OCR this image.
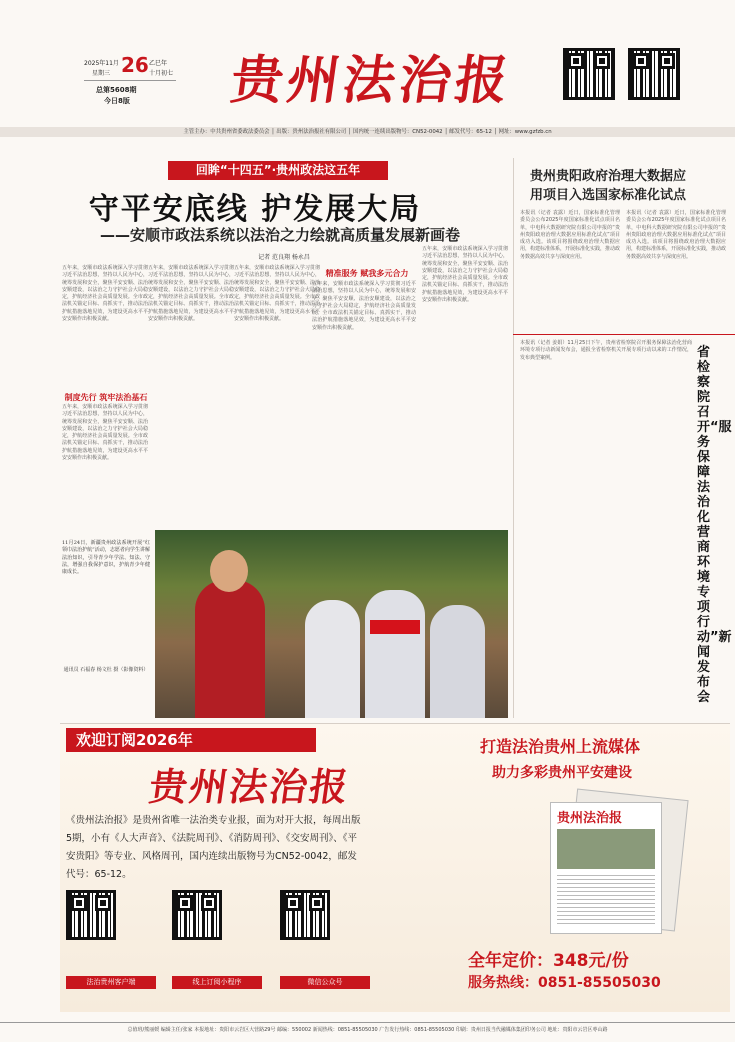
2025年11月
星期三 26 乙巳年
十月初七
总第5608期
今日8版 贵州法治报
主管主办：中共贵州省委政法委员会 │ 出版：贵州法治报社有限公司 │ 国内统一连续出版物号：CN52-0042 │ 邮发代号：65-12 │ 网址：www.gzfzb.cn
回眸“十四五”·贵州政法这五年
守平安底线 护发展大局
——安顺市政法系统以法治之力绘就高质量发展新画卷
记者 范良翔 杨永昌
五年来，安顺市政法系统深入学习贯彻习近平法治思想，坚持以人民为中心，统筹发展和安全，聚焦平安安顺、法治安顺建设，以法治之力守护社会大局稳定，护航经济社会高质量发展。全市政法机关锚定目标、真抓实干，推动法治护航措施落地见效，为建设更高水平平安安顺作出积极贡献。
制度先行 筑牢法治基石
五年来，安顺市政法系统深入学习贯彻习近平法治思想，坚持以人民为中心，统筹发展和安全，聚焦平安安顺、法治安顺建设，以法治之力守护社会大局稳定，护航经济社会高质量发展。全市政法机关锚定目标、真抓实干，推动法治护航措施落地见效，为建设更高水平平安安顺作出积极贡献。
五年来，安顺市政法系统深入学习贯彻习近平法治思想，坚持以人民为中心，统筹发展和安全，聚焦平安安顺、法治安顺建设，以法治之力守护社会大局稳定，护航经济社会高质量发展。全市政法机关锚定目标、真抓实干，推动法治护航措施落地见效，为建设更高水平平安安顺作出积极贡献。
五年来，安顺市政法系统深入学习贯彻习近平法治思想，坚持以人民为中心，统筹发展和安全，聚焦平安安顺、法治安顺建设，以法治之力守护社会大局稳定，护航经济社会高质量发展。全市政法机关锚定目标、真抓实干，推动法治护航措施落地见效，为建设更高水平平安安顺作出积极贡献。
精准服务 赋我多元合力
五年来，安顺市政法系统深入学习贯彻习近平法治思想，坚持以人民为中心，统筹发展和安全，聚焦平安安顺、法治安顺建设，以法治之力守护社会大局稳定，护航经济社会高质量发展。全市政法机关锚定目标、真抓实干，推动法治护航措施落地见效，为建设更高水平平安安顺作出积极贡献。
五年来，安顺市政法系统深入学习贯彻习近平法治思想，坚持以人民为中心，统筹发展和安全，聚焦平安安顺、法治安顺建设，以法治之力守护社会大局稳定，护航经济社会高质量发展。全市政法机关锚定目标、真抓实干，推动法治护航措施落地见效，为建设更高水平平安安顺作出积极贡献。
11月24日，新疆贵州政法系统开展“红领巾法治护航”活动，志愿者向学生讲解法治知识，引导青少年学法、知法、守法，增强自我保护意识，护航青少年健康成长。
通讯员 石福春 杨文杜 摄（影像资料）
贵州贵阳政府治理大数据应
用项目入选国家标准化试点
本报讯（记者 袁露）近日，国家标准化管理委员会公布2025年度国家标准化试点项目名单，中电科大数据研究院有限公司申报的“贵州贵阳政府治理大数据应用标准化试点”项目成功入选。该项目将围绕政府治理大数据应用，构建标准体系，开展标准化实践，推动政务数据高效共享与深度应用。
本报讯（记者 袁露）近日，国家标准化管理委员会公布2025年度国家标准化试点项目名单，中电科大数据研究院有限公司申报的“贵州贵阳政府治理大数据应用标准化试点”项目成功入选。该项目将围绕政府治理大数据应用，构建标准体系，开展标准化实践，推动政务数据高效共享与深度应用。
本报讯（记者 姜娟）11月25日下午，贵州省检察院召开服务保障法治化营商环境专项行动新闻发布会，通报全省检察机关开展专项行动以来的工作情况，发布典型案例。	省检察院召开“服务保障法治化营商环境专项行动”新闻发布会
欢迎订阅2026年
贵州法治报
《贵州法治报》是贵州省唯一法治类专业报，面为对开大报，每周出版5期，小有《人大声音》、《法院周刊》、《消防周刊》、《交安周刊》、《平安贵阳》等专业、风格周刊，国内连续出版物号为CN52-0042，邮发代号：65-12。
法治贵州客户端	线上订阅小程序	微信公众号
打造法治贵州上流媒体
助力多彩贵州平安建设
贵州法治报
全年定价：348元/份
服务热线：0851-85505030
总值班/熊丽媛 编辑主任/张家 本报地址：贵阳市云岩区大营路29号 邮编：550002 新闻热线：0851-85505030 广告发行热线：0851-85505030 印刷：贵州日报当代融媒体集团印务公司 地址：贵阳市云岩区枣山路
